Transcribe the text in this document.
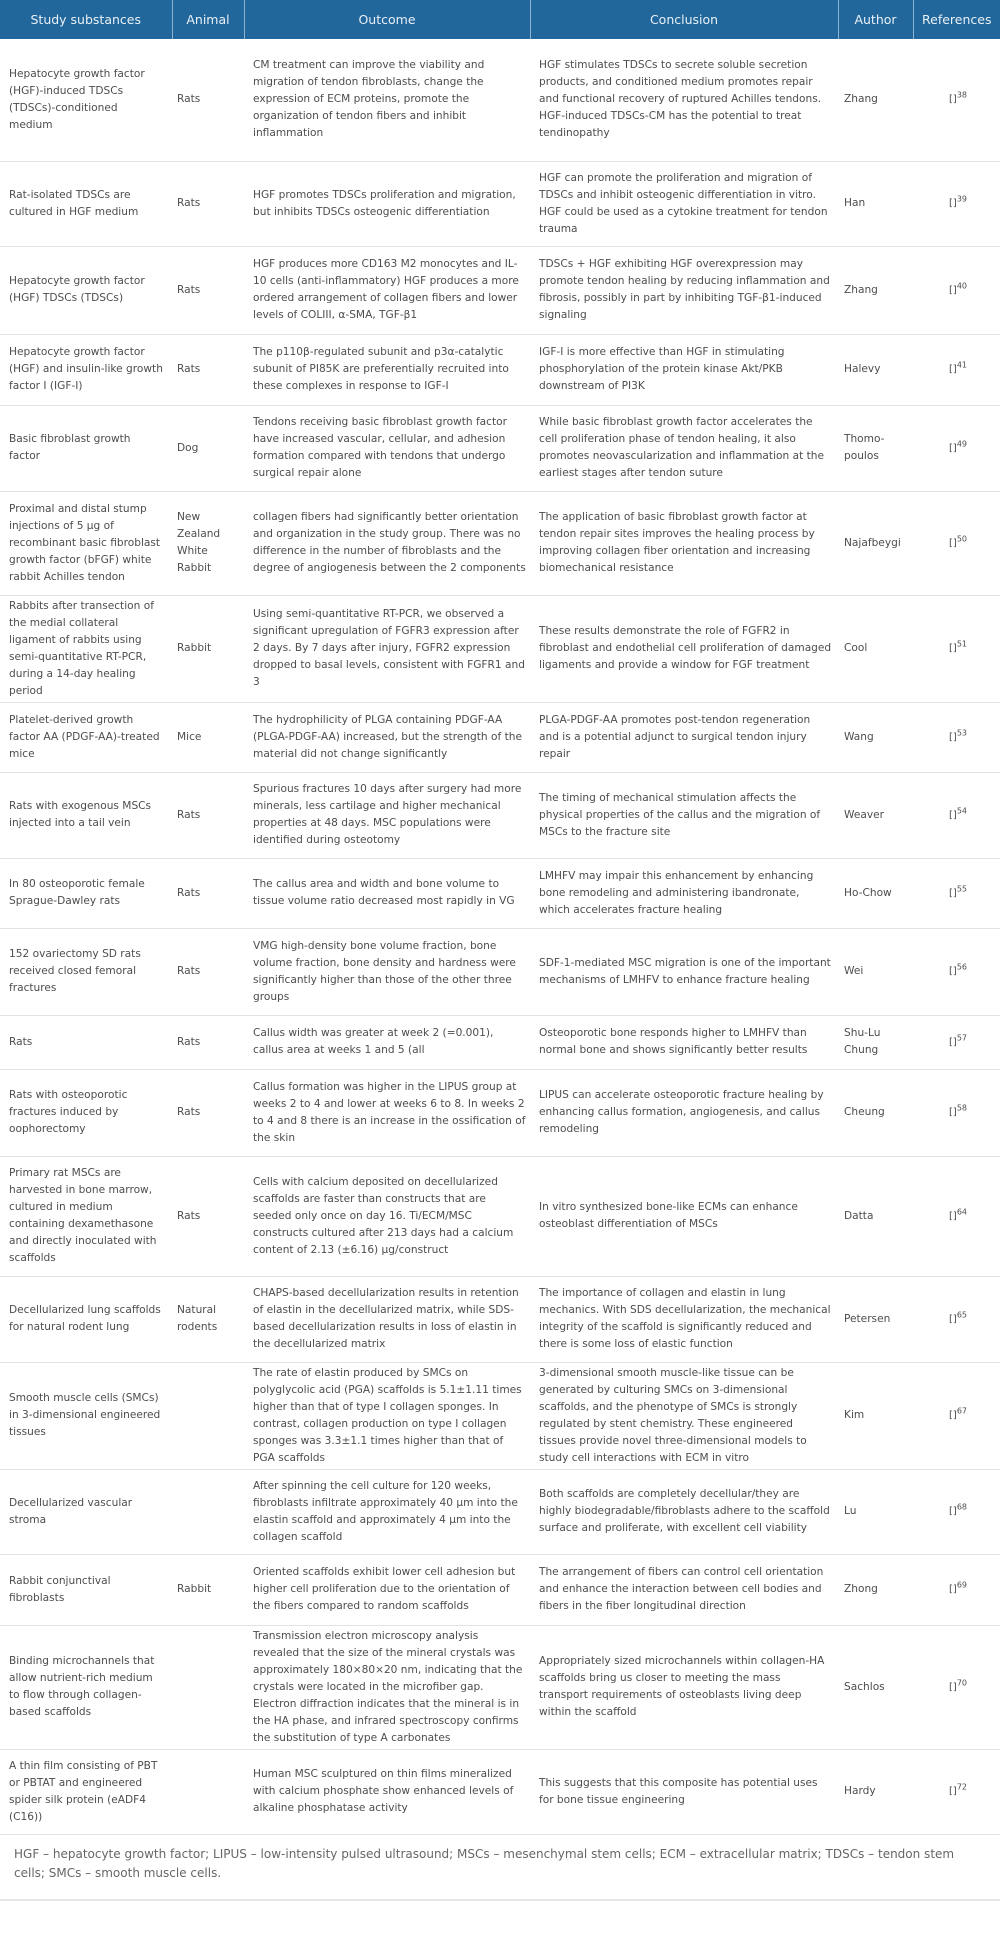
Study substances	Animal	Outcome	Conclusion	Author	References
Hepatocyte growth factor (HGF)-induced TDSCs (TDSCs)-conditioned medium	Rats	CM treatment can improve the viability and migration of tendon fibroblasts, change the expression of ECM proteins, promote the organization of tendon fibers and inhibit inflammation	HGF stimulates TDSCs to secrete soluble secretion products, and conditioned medium promotes repair and functional recovery of ruptured Achilles tendons. HGF-induced TDSCs-CM has the potential to treat tendinopathy	Zhang	[]$^{38}$
Rat-isolated TDSCs are cultured in HGF medium	Rats	HGF promotes TDSCs proliferation and migration, but inhibits TDSCs osteogenic differentiation	HGF can promote the proliferation and migration of TDSCs and inhibit osteogenic differentiation in vitro. HGF could be used as a cytokine treatment for tendon trauma	Han	[]$^{39}$
Hepatocyte growth factor (HGF) TDSCs (TDSCs)	Rats	HGF produces more CD163 M2 monocytes and IL-10 cells (anti-inflammatory) HGF produces a more ordered arrangement of collagen fibers and lower levels of COLIII, α-SMA, TGF-β1	TDSCs + HGF exhibiting HGF overexpression may promote tendon healing by reducing inflammation and fibrosis, possibly in part by inhibiting TGF-β1-induced signaling	Zhang	[]$^{40}$
Hepatocyte growth factor (HGF) and insulin-like growth factor I (IGF-I)	Rats	The p110β-regulated subunit and p3α-catalytic subunit of PI85K are preferentially recruited into these complexes in response to IGF-I	IGF-I is more effective than HGF in stimulating phosphorylation of the protein kinase Akt/PKB downstream of PI3K	Halevy	[]$^{41}$
Basic fibroblast growth factor	Dog	Tendons receiving basic fibroblast growth factor have increased vascular, cellular, and adhesion formation compared with tendons that undergo surgical repair alone	While basic fibroblast growth factor accelerates the cell proliferation phase of tendon healing, it also promotes neovascularization and inflammation at the earliest stages after tendon suture	Thomo-poulos	[]$^{49}$
Proximal and distal stump injections of 5 μg of recombinant basic fibroblast growth factor (bFGF) white rabbit Achilles tendon	New Zealand White Rabbit	collagen fibers had significantly better orientation and organization in the study group. There was no difference in the number of fibroblasts and the degree of angiogenesis between the 2 components	The application of basic fibroblast growth factor at tendon repair sites improves the healing process by improving collagen fiber orientation and increasing biomechanical resistance	Najafbeygi	[]$^{50}$
Rabbits after transection of the medial collateral ligament of rabbits using semi-quantitative RT-PCR, during a 14-day healing period	Rabbit	Using semi-quantitative RT-PCR, we observed a significant upregulation of FGFR3 expression after 2 days. By 7 days after injury, FGFR2 expression dropped to basal levels, consistent with FGFR1 and 3	These results demonstrate the role of FGFR2 in fibroblast and endothelial cell proliferation of damaged ligaments and provide a window for FGF treatment	Cool	[]$^{51}$
Platelet-derived growth factor AA (PDGF-AA)-treated mice	Mice	The hydrophilicity of PLGA containing PDGF-AA (PLGA-PDGF-AA) increased, but the strength of the material did not change significantly	PLGA-PDGF-AA promotes post-tendon regeneration and is a potential adjunct to surgical tendon injury repair	Wang	[]$^{53}$
Rats with exogenous MSCs injected into a tail vein	Rats	Spurious fractures 10 days after surgery had more minerals, less cartilage and higher mechanical properties at 48 days. MSC populations were identified during osteotomy	The timing of mechanical stimulation affects the physical properties of the callus and the migration of MSCs to the fracture site	Weaver	[]$^{54}$
In 80 osteoporotic female Sprague-Dawley rats	Rats	The callus area and width and bone volume to tissue volume ratio decreased most rapidly in VG	LMHFV may impair this enhancement by enhancing bone remodeling and administering ibandronate, which accelerates fracture healing	Ho-Chow	[]$^{55}$
152 ovariectomy SD rats received closed femoral fractures	Rats	VMG high-density bone volume fraction, bone volume fraction, bone density and hardness were significantly higher than those of the other three groups	SDF-1-mediated MSC migration is one of the important mechanisms of LMHFV to enhance fracture healing	Wei	[]$^{56}$
Rats	Rats	Callus width was greater at week 2 (=0.001), callus area at weeks 1 and 5 (all	Osteoporotic bone responds higher to LMHFV than normal bone and shows significantly better results	Shu-Lu Chung	[]$^{57}$
Rats with osteoporotic fractures induced by oophorectomy	Rats	Callus formation was higher in the LIPUS group at weeks 2 to 4 and lower at weeks 6 to 8. In weeks 2 to 4 and 8 there is an increase in the ossification of the skin	LIPUS can accelerate osteoporotic fracture healing by enhancing callus formation, angiogenesis, and callus remodeling	Cheung	[]$^{58}$
Primary rat MSCs are harvested in bone marrow, cultured in medium containing dexamethasone and directly inoculated with scaffolds	Rats	Cells with calcium deposited on decellularized scaffolds are faster than constructs that are seeded only once on day 16. Ti/ECM/MSC constructs cultured after 213 days had a calcium content of 2.13 (±6.16) μg/construct	In vitro synthesized bone-like ECMs can enhance osteoblast differentiation of MSCs	Datta	[]$^{64}$
Decellularized lung scaffolds for natural rodent lung	Natural rodents	CHAPS-based decellularization results in retention of elastin in the decellularized matrix, while SDS-based decellularization results in loss of elastin in the decellularized matrix	The importance of collagen and elastin in lung mechanics. With SDS decellularization, the mechanical integrity of the scaffold is significantly reduced and there is some loss of elastic function	Petersen	[]$^{65}$
Smooth muscle cells (SMCs) in 3-dimensional engineered tissues		The rate of elastin produced by SMCs on polyglycolic acid (PGA) scaffolds is 5.1±1.11 times higher than that of type I collagen sponges. In contrast, collagen production on type I collagen sponges was 3.3±1.1 times higher than that of PGA scaffolds	3-dimensional smooth muscle-like tissue can be generated by culturing SMCs on 3-dimensional scaffolds, and the phenotype of SMCs is strongly regulated by stent chemistry. These engineered tissues provide novel three-dimensional models to study cell interactions with ECM in vitro	Kim	[]$^{67}$
Decellularized vascular stroma		After spinning the cell culture for 120 weeks, fibroblasts infiltrate approximately 40 μm into the elastin scaffold and approximately 4 μm into the collagen scaffold	Both scaffolds are completely decellular/they are highly biodegradable/fibroblasts adhere to the scaffold surface and proliferate, with excellent cell viability	Lu	[]$^{68}$
Rabbit conjunctival fibroblasts	Rabbit	Oriented scaffolds exhibit lower cell adhesion but higher cell proliferation due to the orientation of the fibers compared to random scaffolds	The arrangement of fibers can control cell orientation and enhance the interaction between cell bodies and fibers in the fiber longitudinal direction	Zhong	[]$^{69}$
Binding microchannels that allow nutrient-rich medium to flow through collagen-based scaffolds		Transmission electron microscopy analysis revealed that the size of the mineral crystals was approximately 180×80×20 nm, indicating that the crystals were located in the microfiber gap. Electron diffraction indicates that the mineral is in the HA phase, and infrared spectroscopy confirms the substitution of type A carbonates	Appropriately sized microchannels within collagen-HA scaffolds bring us closer to meeting the mass transport requirements of osteoblasts living deep within the scaffold	Sachlos	[]$^{70}$
A thin film consisting of PBT or PBTAT and engineered spider silk protein (eADF4 (C16))		Human MSC sculptured on thin films mineralized with calcium phosphate show enhanced levels of alkaline phosphatase activity	This suggests that this composite has potential uses for bone tissue engineering	Hardy	[]$^{72}$
HGF – hepatocyte growth factor; LIPUS – low-intensity pulsed ultrasound; MSCs – mesenchymal stem cells; ECM – extracellular matrix; TDSCs – tendon stem cells; SMCs – smooth muscle cells.
